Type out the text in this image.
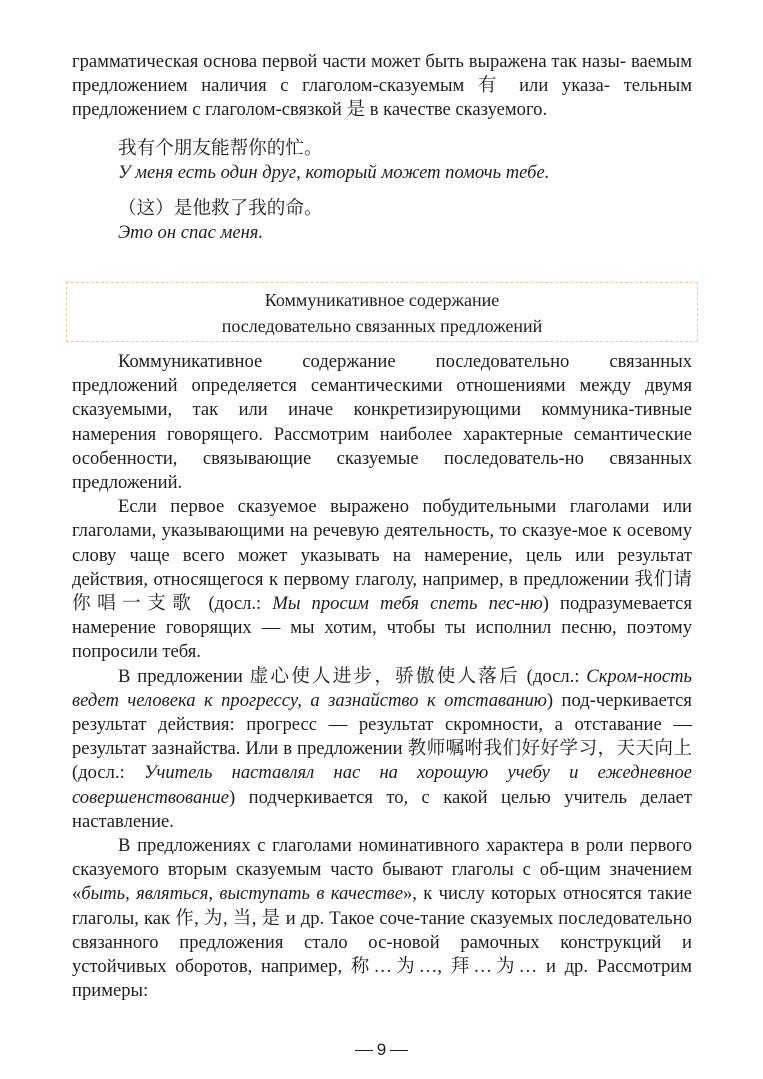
грамматическая основа первой части может быть выражена так назы- ваемым предложением наличия с глаголом-сказуемым 有 или указа- тельным предложением с глаголом-связкой 是 в качестве сказуемого.

我有个朋友能帮你的忙。

У меня есть один друг, который может помочь тебе.

（这）是他救了我的命。

Это он спас меня.

Коммуникативное содержание
последовательно связанных предложений

Коммуникативное содержание последовательно связанных предложений определяется семантическими отношениями между двумя сказуемыми, так или иначе конкретизирующими коммуника-тивные намерения говорящего. Рассмотрим наиболее характерные семантические особенности, связывающие сказуемые последователь-но связанных предложений.

Если первое сказуемое выражено побудительными глаголами или глаголами, указывающими на речевую деятельность, то сказуе-мое к осевому слову чаще всего может указывать на намерение, цель или результат действия, относящегося к первому глаголу, например, в предложении 我们请你唱一支歌 (досл.: Мы просим тебя спеть пес-ню) подразумевается намерение говорящих — мы хотим, чтобы ты исполнил песню, поэтому попросили тебя.

В предложении 虚心使人进步，骄傲使人落后 (досл.: Скром-ность ведет человека к прогрессу, а зазнайство к отставанию) под-черкивается результат действия: прогресс — результат скромности, а отставание — результат зазнайства. Или в предложении 教师嘱咐我们好好学习，天天向上 (досл.: Учитель наставлял нас на хорошую учебу и ежедневное совершенствование) подчеркивается то, с какой целью учитель делает наставление.

В предложениях с глаголами номинативного характера в роли первого сказуемого вторым сказуемым часто бывают глаголы с об-щим значением «быть, являться, выступать в качестве», к числу которых относятся такие глаголы, как 作, 为, 当, 是 и др. Такое соче-тание сказуемых последовательно связанного предложения стало ос-новой рамочных конструкций и устойчивых оборотов, например, 称…为…, 拜…为… и др. Рассмотрим примеры:

9
